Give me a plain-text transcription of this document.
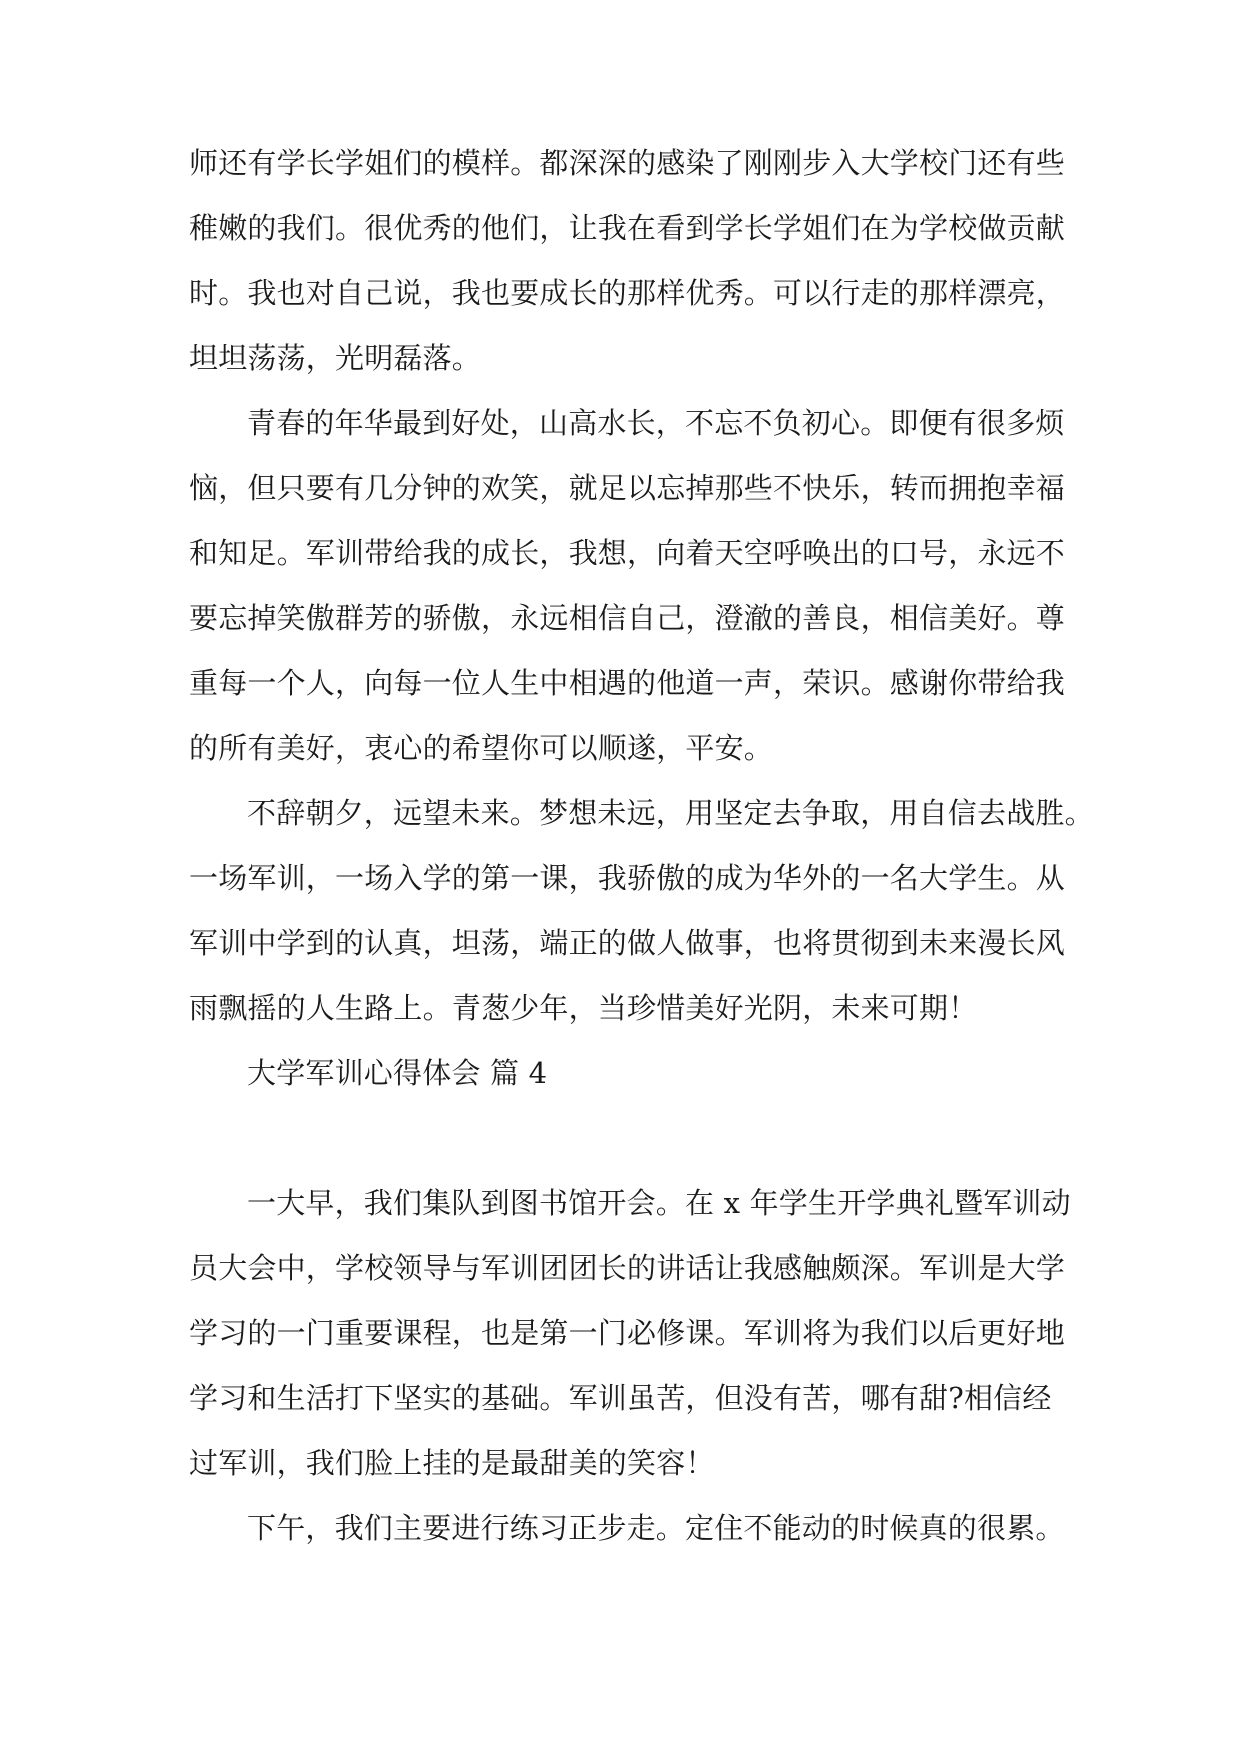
师还有学长学姐们的模样。都深深的感染了刚刚步入大学校门还有些
稚嫩的我们。很优秀的他们，让我在看到学长学姐们在为学校做贡献
时。我也对自己说，我也要成长的那样优秀。可以行走的那样漂亮，
坦坦荡荡，光明磊落。
青春的年华最到好处，山高水长，不忘不负初心。即便有很多烦
恼，但只要有几分钟的欢笑，就足以忘掉那些不快乐，转而拥抱幸福
和知足。军训带给我的成长，我想，向着天空呼唤出的口号，永远不
要忘掉笑傲群芳的骄傲，永远相信自己，澄澈的善良，相信美好。尊
重每一个人，向每一位人生中相遇的他道一声，荣识。感谢你带给我
的所有美好，衷心的希望你可以顺遂，平安。
不辞朝夕，远望未来。梦想未远，用坚定去争取，用自信去战胜。
一场军训，一场入学的第一课，我骄傲的成为华外的一名大学生。从
军训中学到的认真，坦荡，端正的做人做事，也将贯彻到未来漫长风
雨飘摇的人生路上。青葱少年，当珍惜美好光阴，未来可期！
大学军训心得体会 篇 4
一大早，我们集队到图书馆开会。在 x 年学生开学典礼暨军训动
员大会中，学校领导与军训团团长的讲话让我感触颇深。军训是大学
学习的一门重要课程，也是第一门必修课。军训将为我们以后更好地
学习和生活打下坚实的基础。军训虽苦，但没有苦，哪有甜?相信经
过军训，我们脸上挂的是最甜美的笑容！
下午，我们主要进行练习正步走。定住不能动的时候真的很累。
